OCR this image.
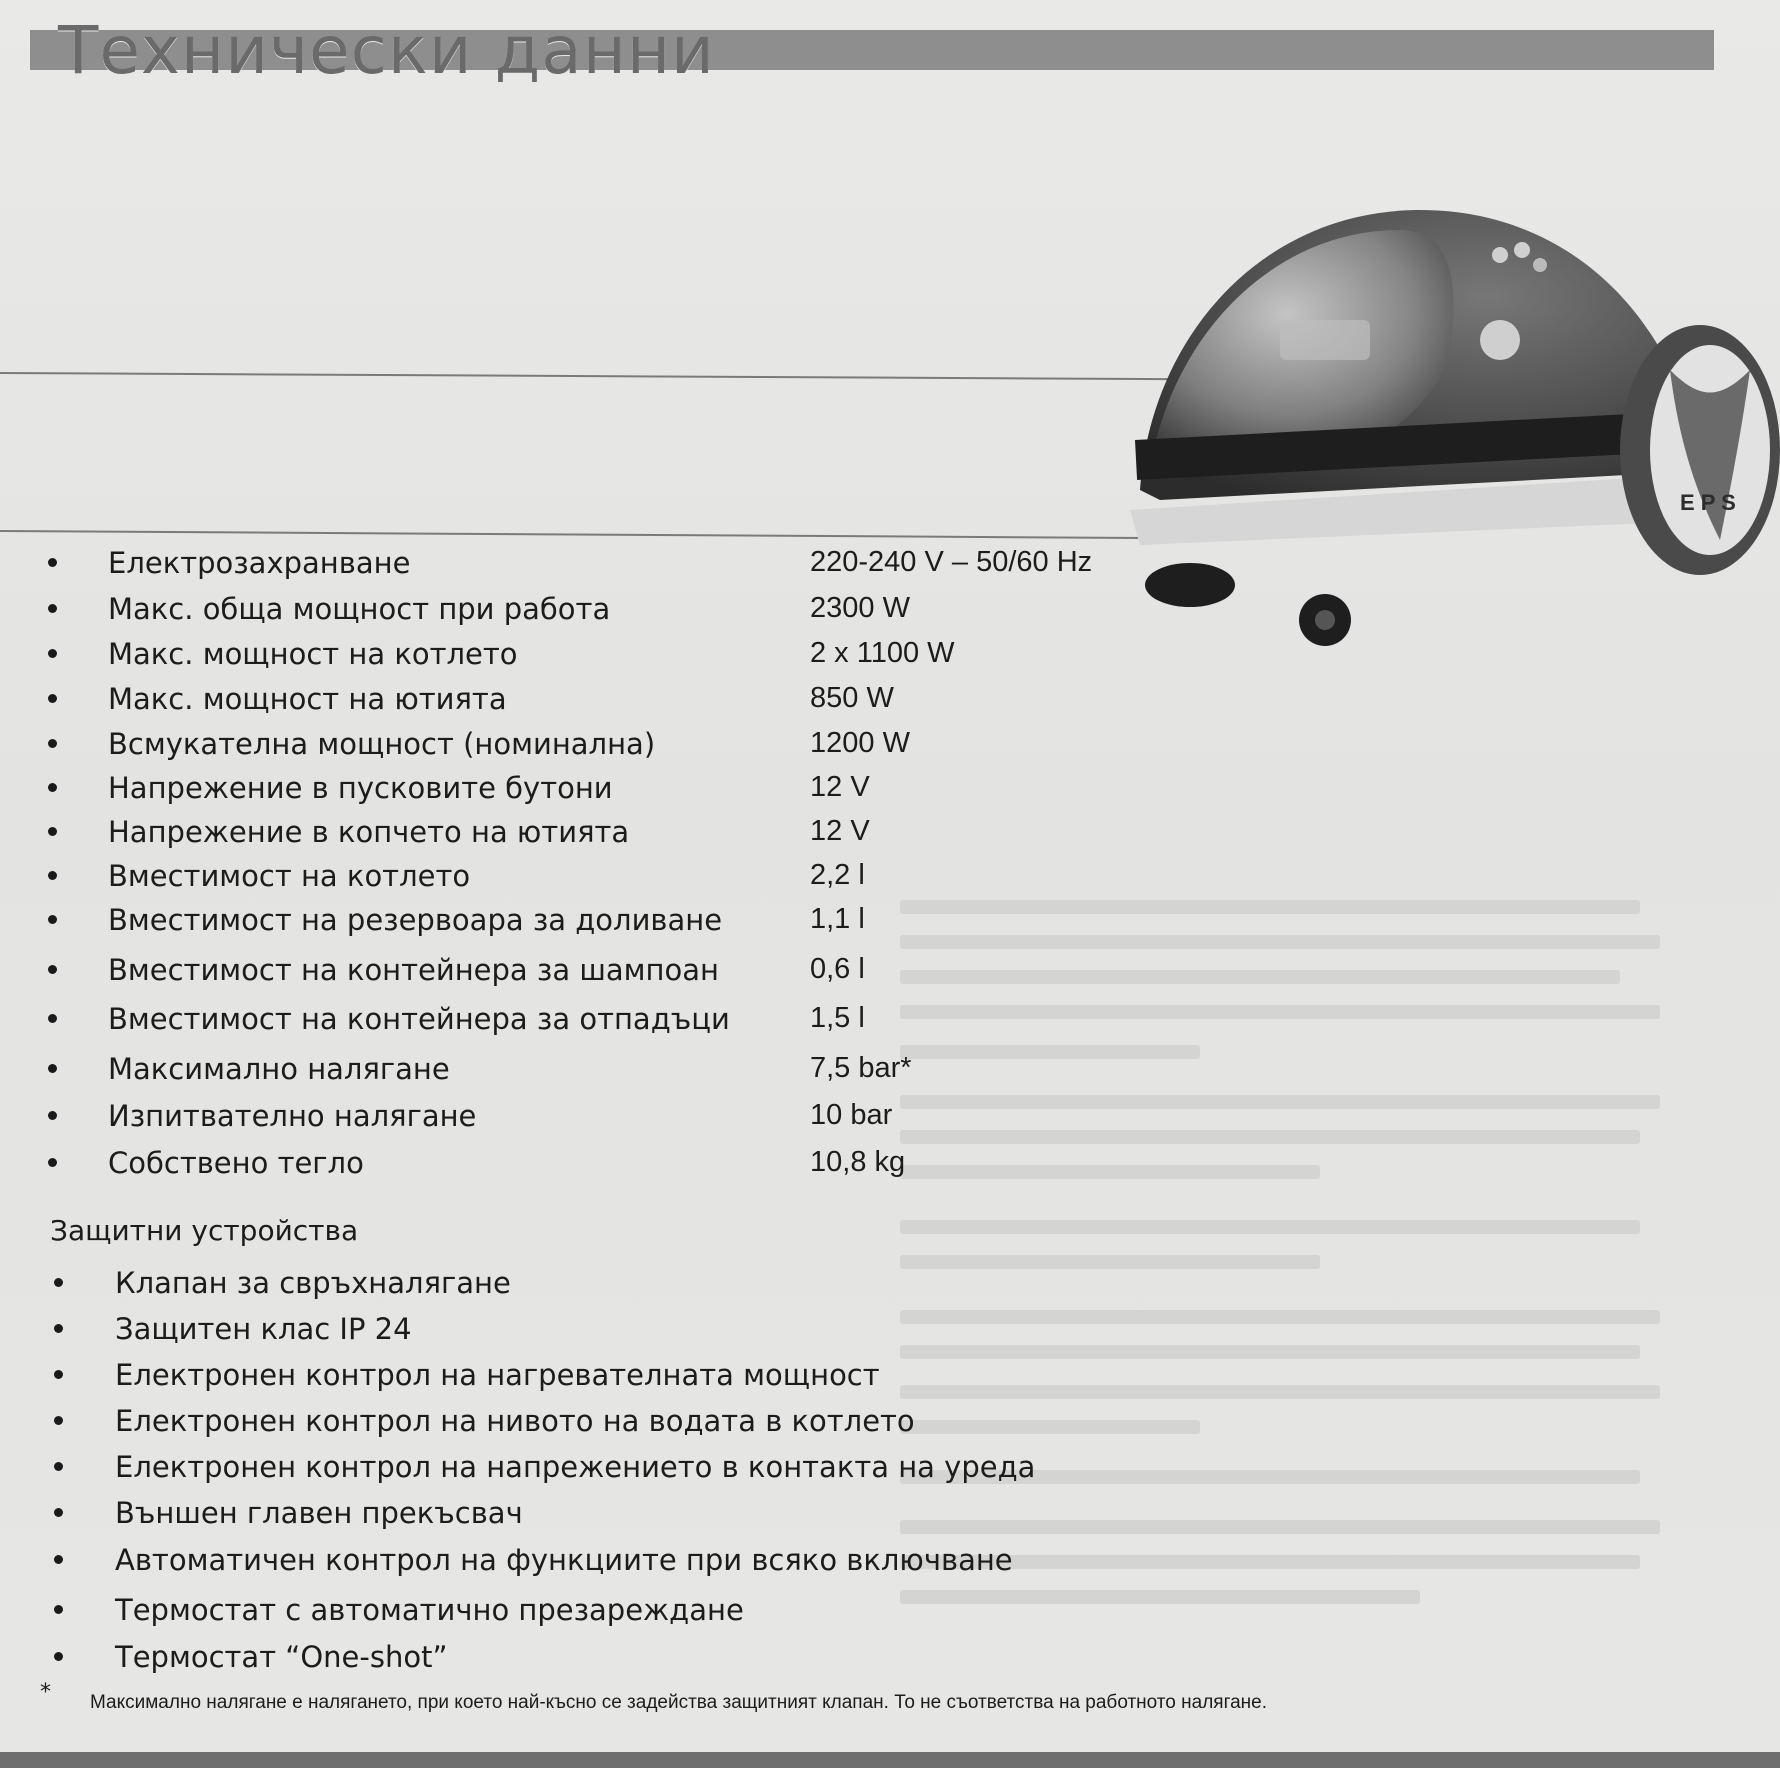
Технически данни
E P S
Електрозахранване	220-240 V – 50/60 Hz
Макс. обща мощност при работа	2300 W
Макс. мощност на котлето	2 x 1100 W
Макс. мощност на ютията	850 W
Всмукателна мощност (номинална)	1200 W
Напрежение в пусковите бутони	12 V
Напрежение в копчето на ютията	12 V
Вместимост на котлето	2,2 l
Вместимост на резервоара за доливане	1,1 l
Вместимост на контейнера за шампоан	0,6 l
Вместимост на контейнера за отпадъци	1,5 l
Максимално налягане	7,5 bar*
Изпитвателно налягане	10 bar
Собствено тегло	10,8 kg
Защитни устройства
Клапан за свръхналягане
Защитен клас IP 24
Електронен контрол на нагревателната мощност
Електронен контрол на нивото на водата в котлето
Електронен контрол на напрежението в контакта на уреда
Външен главен прекъсвач
Автоматичен контрол на функциите при всяко включване
Термостат с автоматично презареждане
Термостат “One-shot”
* Максимално налягане е налягането, при което най-късно се задейства защитният клапан. То не съответства на работното налягане.
